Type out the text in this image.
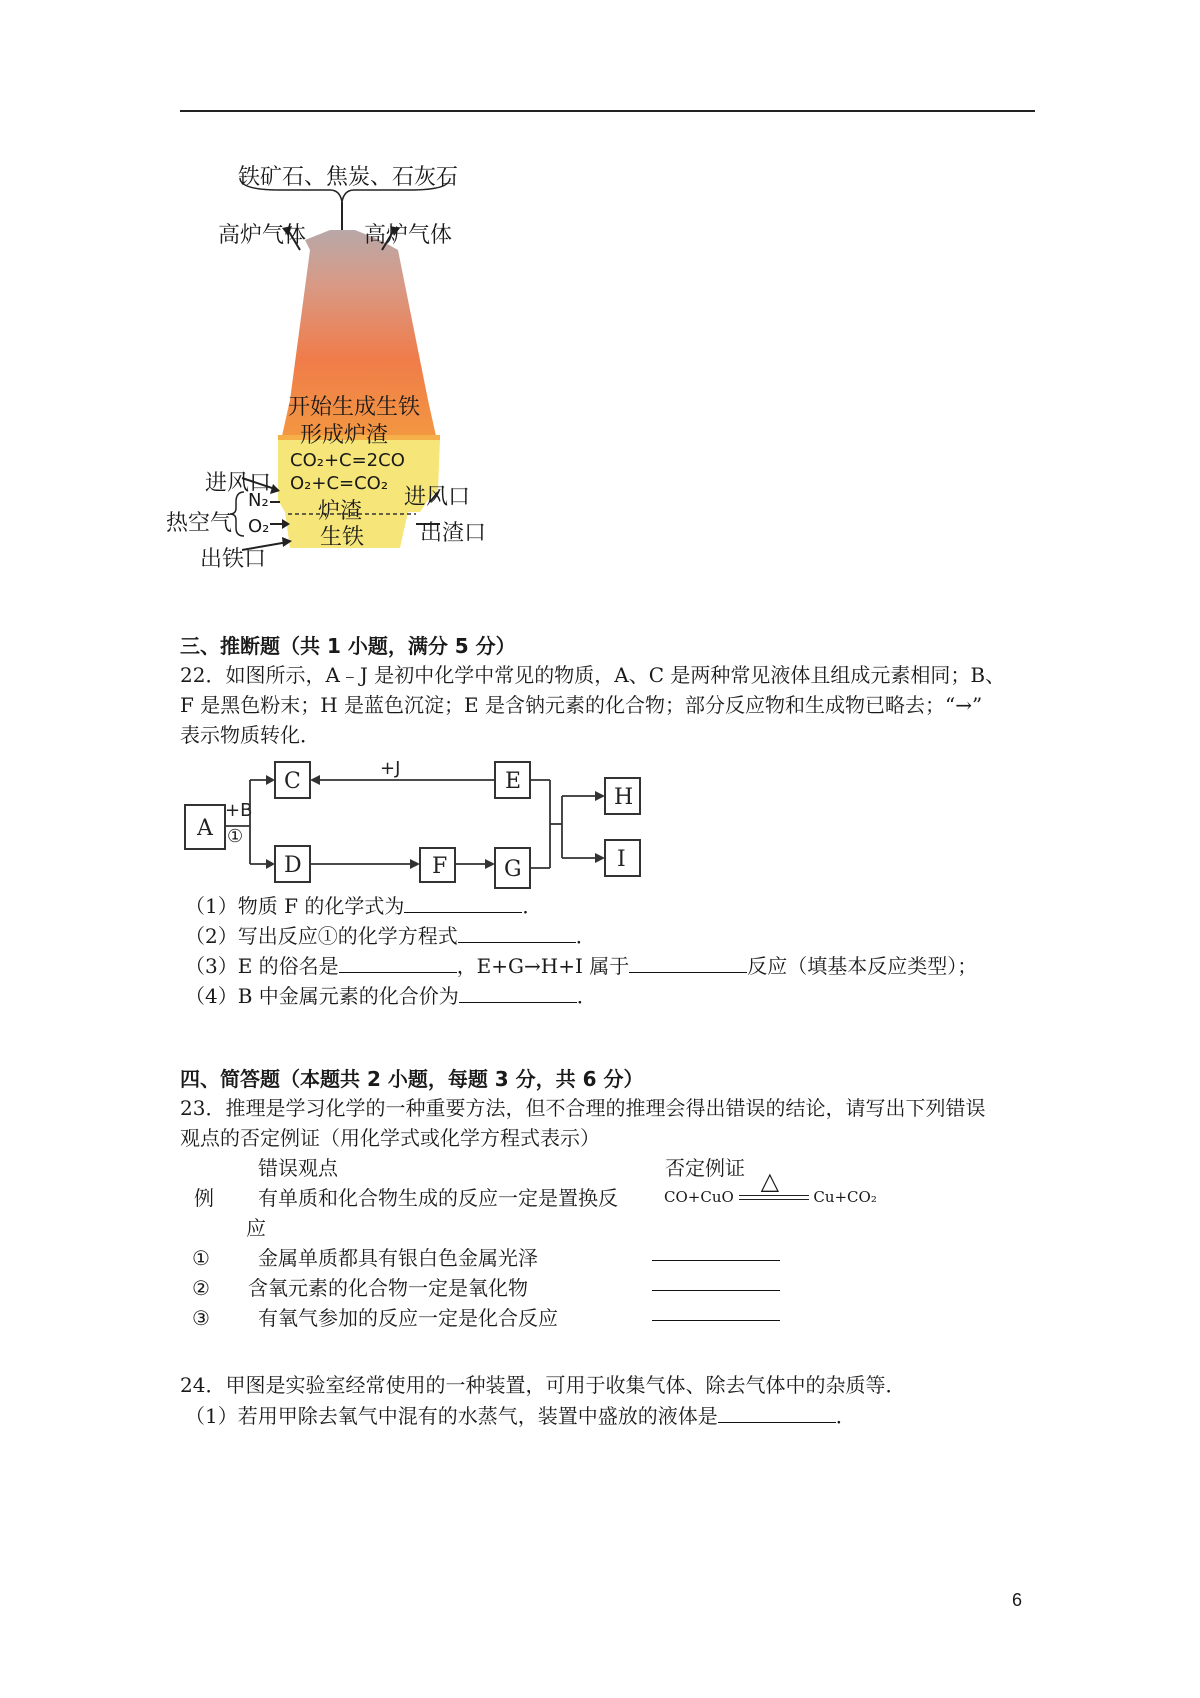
铁矿石、焦炭、石灰石
高炉气体	高炉气体
开始生成生铁
形成炉渣
CO₂+C=2CO
O₂+C=CO₂
炉渣
生铁
进风口
进风口
热空气
N₂
O₂	出渣口
出铁口
三、推断题（共 1 小题，满分 5 分）
22．如图所示，A﹣J 是初中化学中常见的物质，A、C 是两种常见液体且组成元素相同；B、
F 是黑色粉末；H 是蓝色沉淀；E 是含钠元素的化合物；部分反应物和生成物已略去；“→”
表示物质转化．
A
C
D
E
F	G
H
I
+B
①
+J
（1）物质 F 的化学式为	．
（2）写出反应①的化学方程式	．
（3）E 的俗名是	，E+G→H+I 属于	反应（填基本反应类型）；
（4）B 中金属元素的化合价为	．
四、简答题（本题共 2 小题，每题 3 分，共 6 分）
23．推理是学习化学的一种重要方法，但不合理的推理会得出错误的结论，请写出下列错误
观点的否定例证（用化学式或化学方程式表示）
错误观点	否定例证
例 有单质和化合物生成的反应一定是置换反
应
CO+CuO
△
Cu+CO₂
① 金属单质都具有银白色金属光泽
② 含氧元素的化合物一定是氧化物
③ 有氧气参加的反应一定是化合反应
24．甲图是实验室经常使用的一种装置，可用于收集气体、除去气体中的杂质等．
（1）若用甲除去氧气中混有的水蒸气，装置中盛放的液体是	．
6
